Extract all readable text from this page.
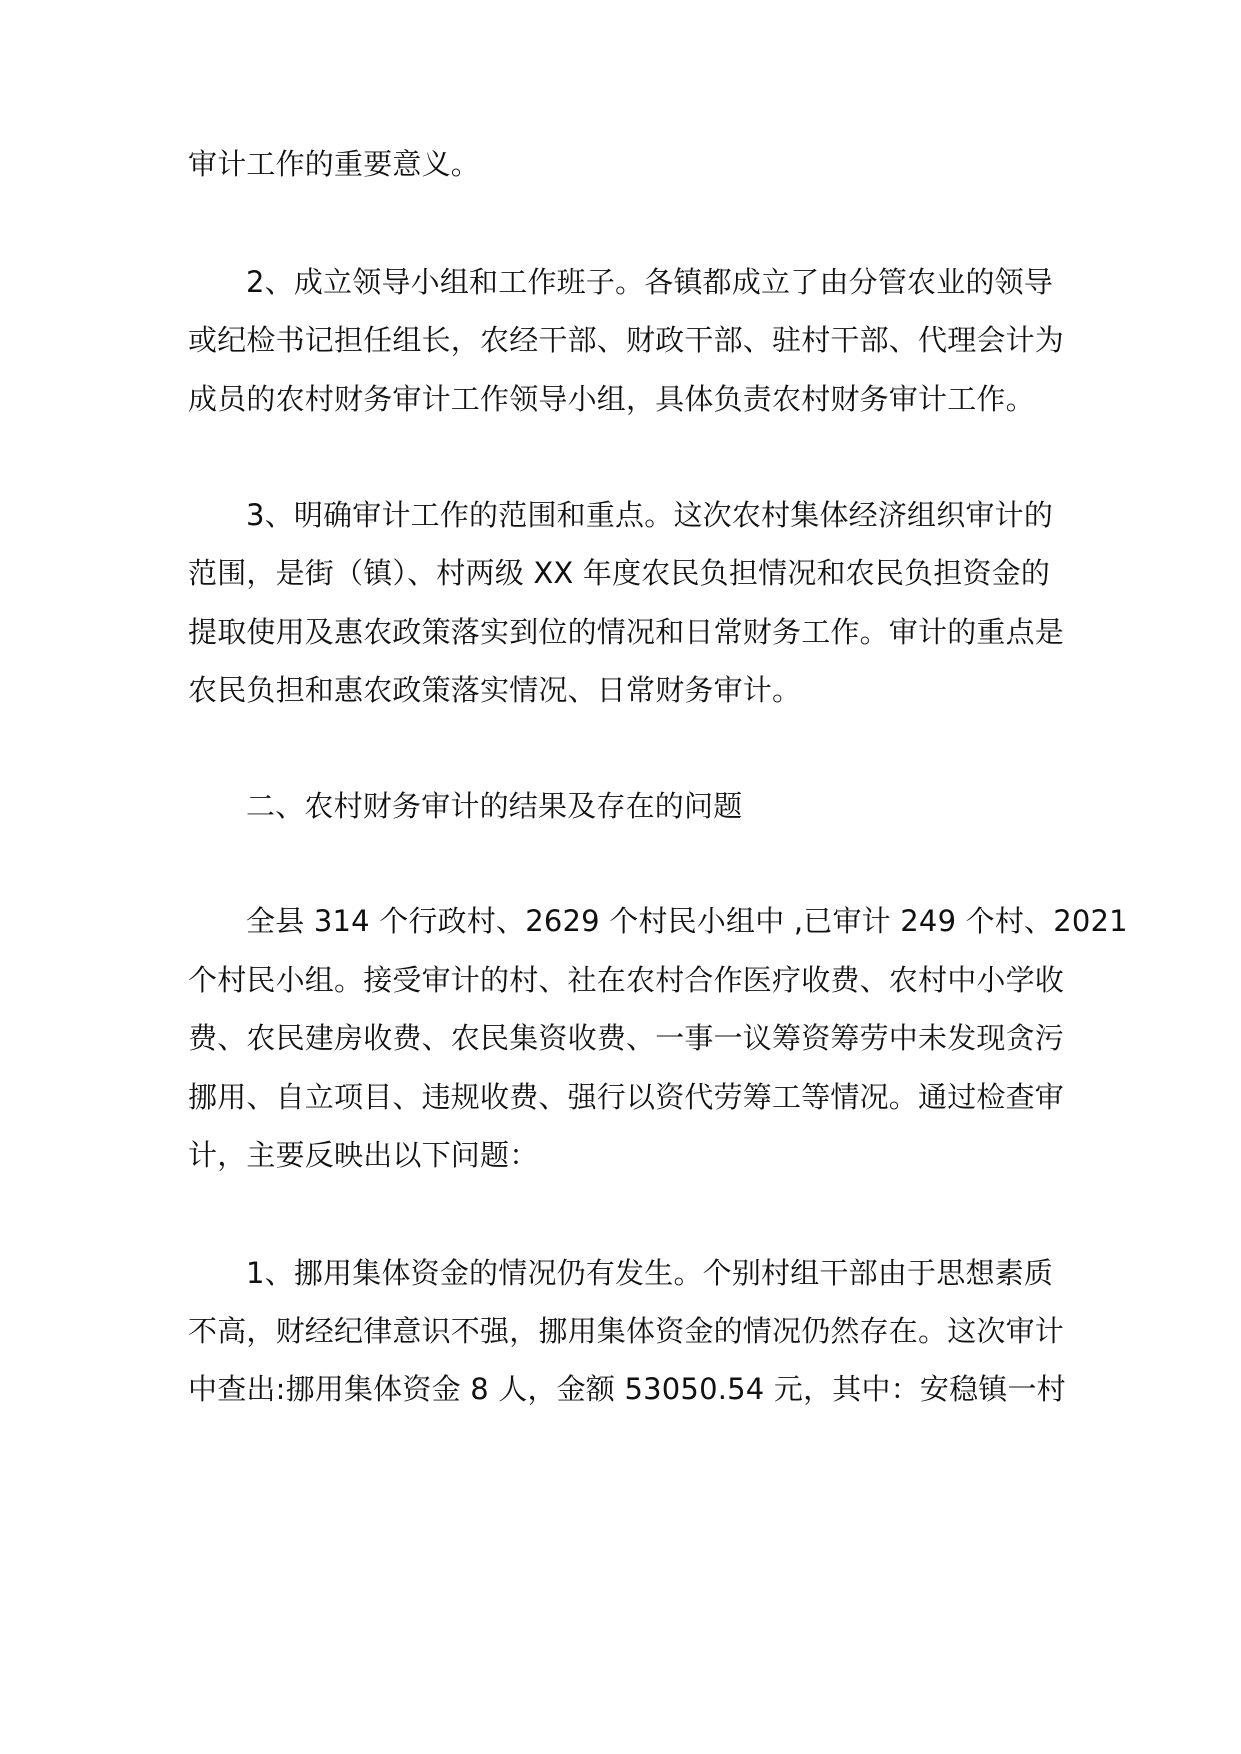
审计工作的重要意义。
2、成立领导小组和工作班子。各镇都成立了由分管农业的领导
或纪检书记担任组长，农经干部、财政干部、驻村干部、代理会计为
成员的农村财务审计工作领导小组，具体负责农村财务审计工作。
3、明确审计工作的范围和重点。这次农村集体经济组织审计的
范围，是街（镇）、村两级 XX 年度农民负担情况和农民负担资金的
提取使用及惠农政策落实到位的情况和日常财务工作。审计的重点是
农民负担和惠农政策落实情况、日常财务审计。
二、农村财务审计的结果及存在的问题
全县 314 个行政村、2629 个村民小组中 ,已审计 249 个村、2021
个村民小组。接受审计的村、社在农村合作医疗收费、农村中小学收
费、农民建房收费、农民集资收费、一事一议筹资筹劳中未发现贪污
挪用、自立项目、违规收费、强行以资代劳筹工等情况。通过检查审
计，主要反映出以下问题：
1、挪用集体资金的情况仍有发生。个别村组干部由于思想素质
不高，财经纪律意识不强，挪用集体资金的情况仍然存在。这次审计
中查出:挪用集体资金 8 人，金额 53050.54 元，其中：安稳镇一村
